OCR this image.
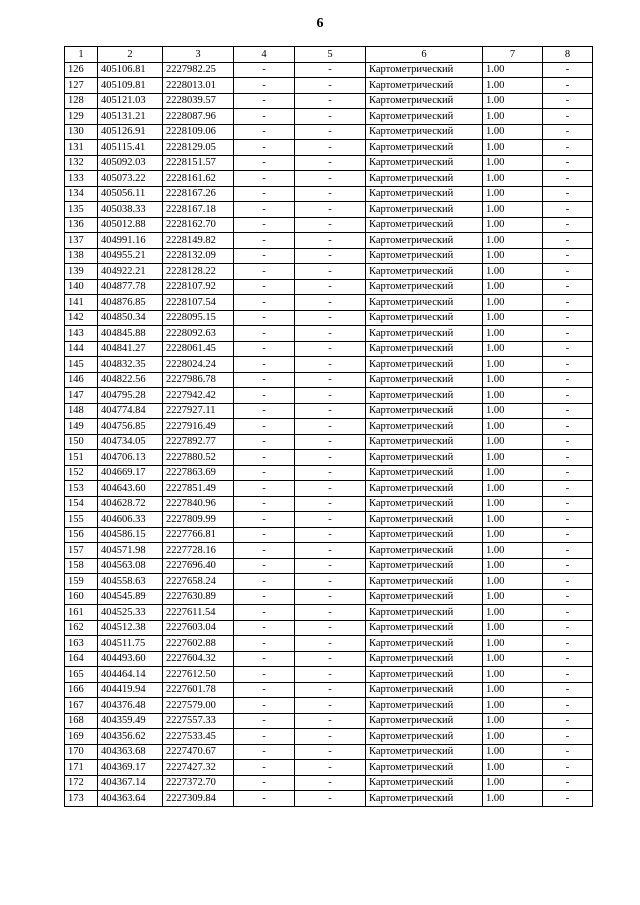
6
1	2	3	4	5	6	7	8
126	405106.81	2227982.25	-	-	Картометрический	1.00	-
127	405109.81	2228013.01	-	-	Картометрический	1.00	-
128	405121.03	2228039.57	-	-	Картометрический	1.00	-
129	405131.21	2228087.96	-	-	Картометрический	1.00	-
130	405126.91	2228109.06	-	-	Картометрический	1.00	-
131	405115.41	2228129.05	-	-	Картометрический	1.00	-
132	405092.03	2228151.57	-	-	Картометрический	1.00	-
133	405073.22	2228161.62	-	-	Картометрический	1.00	-
134	405056.11	2228167.26	-	-	Картометрический	1.00	-
135	405038.33	2228167.18	-	-	Картометрический	1.00	-
136	405012.88	2228162.70	-	-	Картометрический	1.00	-
137	404991.16	2228149.82	-	-	Картометрический	1.00	-
138	404955.21	2228132.09	-	-	Картометрический	1.00	-
139	404922.21	2228128.22	-	-	Картометрический	1.00	-
140	404877.78	2228107.92	-	-	Картометрический	1.00	-
141	404876.85	2228107.54	-	-	Картометрический	1.00	-
142	404850.34	2228095.15	-	-	Картометрический	1.00	-
143	404845.88	2228092.63	-	-	Картометрический	1.00	-
144	404841.27	2228061.45	-	-	Картометрический	1.00	-
145	404832.35	2228024.24	-	-	Картометрический	1.00	-
146	404822.56	2227986.78	-	-	Картометрический	1.00	-
147	404795.28	2227942.42	-	-	Картометрический	1.00	-
148	404774.84	2227927.11	-	-	Картометрический	1.00	-
149	404756.85	2227916.49	-	-	Картометрический	1.00	-
150	404734.05	2227892.77	-	-	Картометрический	1.00	-
151	404706.13	2227880.52	-	-	Картометрический	1.00	-
152	404669.17	2227863.69	-	-	Картометрический	1.00	-
153	404643.60	2227851.49	-	-	Картометрический	1.00	-
154	404628.72	2227840.96	-	-	Картометрический	1.00	-
155	404606.33	2227809.99	-	-	Картометрический	1.00	-
156	404586.15	2227766.81	-	-	Картометрический	1.00	-
157	404571.98	2227728.16	-	-	Картометрический	1.00	-
158	404563.08	2227696.40	-	-	Картометрический	1.00	-
159	404558.63	2227658.24	-	-	Картометрический	1.00	-
160	404545.89	2227630.89	-	-	Картометрический	1.00	-
161	404525.33	2227611.54	-	-	Картометрический	1.00	-
162	404512.38	2227603.04	-	-	Картометрический	1.00	-
163	404511.75	2227602.88	-	-	Картометрический	1.00	-
164	404493.60	2227604.32	-	-	Картометрический	1.00	-
165	404464.14	2227612.50	-	-	Картометрический	1.00	-
166	404419.94	2227601.78	-	-	Картометрический	1.00	-
167	404376.48	2227579.00	-	-	Картометрический	1.00	-
168	404359.49	2227557.33	-	-	Картометрический	1.00	-
169	404356.62	2227533.45	-	-	Картометрический	1.00	-
170	404363.68	2227470.67	-	-	Картометрический	1.00	-
171	404369.17	2227427.32	-	-	Картометрический	1.00	-
172	404367.14	2227372.70	-	-	Картометрический	1.00	-
173	404363.64	2227309.84	-	-	Картометрический	1.00	-
